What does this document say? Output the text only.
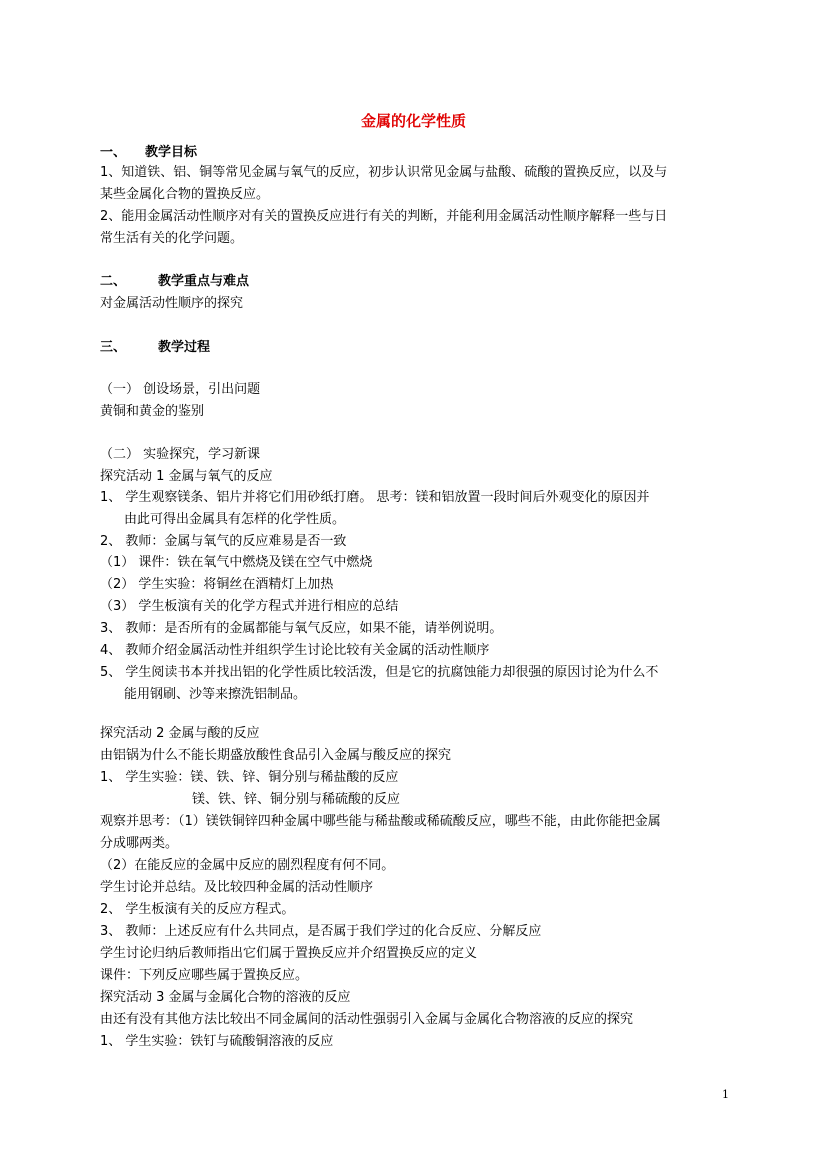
金属的化学性质
一、 教学目标
1、知道铁、铝、铜等常见金属与氧气的反应，初步认识常见金属与盐酸、硫酸的置换反应，以及与
某些金属化合物的置换反应。
2、能用金属活动性顺序对有关的置换反应进行有关的判断，并能利用金属活动性顺序解释一些与日
常生活有关的化学问题。
二、 教学重点与难点
对金属活动性顺序的探究
三、 教学过程
（一） 创设场景，引出问题
黄铜和黄金的鉴别
（二） 实验探究，学习新课
探究活动 1 金属与氧气的反应
1、 学生观察镁条、铝片并将它们用砂纸打磨。 思考：镁和铝放置一段时间后外观变化的原因并
由此可得出金属具有怎样的化学性质。
2、 教师：金属与氧气的反应难易是否一致
（1） 课件：铁在氧气中燃烧及镁在空气中燃烧
（2） 学生实验：将铜丝在酒精灯上加热
（3） 学生板演有关的化学方程式并进行相应的总结
3、 教师：是否所有的金属都能与氧气反应，如果不能，请举例说明。
4、 教师介绍金属活动性并组织学生讨论比较有关金属的活动性顺序
5、 学生阅读书本并找出铝的化学性质比较活泼，但是它的抗腐蚀能力却很强的原因讨论为什么不
能用钢刷、沙等来擦洗铝制品。
探究活动 2 金属与酸的反应
由铝锅为什么不能长期盛放酸性食品引入金属与酸反应的探究
1、 学生实验：镁、铁、锌、铜分别与稀盐酸的反应
镁、铁、锌、铜分别与稀硫酸的反应
观察并思考：（1）镁铁铜锌四种金属中哪些能与稀盐酸或稀硫酸反应，哪些不能，由此你能把金属
分成哪两类。
（2）在能反应的金属中反应的剧烈程度有何不同。
学生讨论并总结。及比较四种金属的活动性顺序
2、 学生板演有关的反应方程式。
3、 教师：上述反应有什么共同点，是否属于我们学过的化合反应、分解反应
学生讨论归纳后教师指出它们属于置换反应并介绍置换反应的定义
课件：下列反应哪些属于置换反应。
探究活动 3 金属与金属化合物的溶液的反应
由还有没有其他方法比较出不同金属间的活动性强弱引入金属与金属化合物溶液的反应的探究
1、 学生实验：铁钉与硫酸铜溶液的反应
1
